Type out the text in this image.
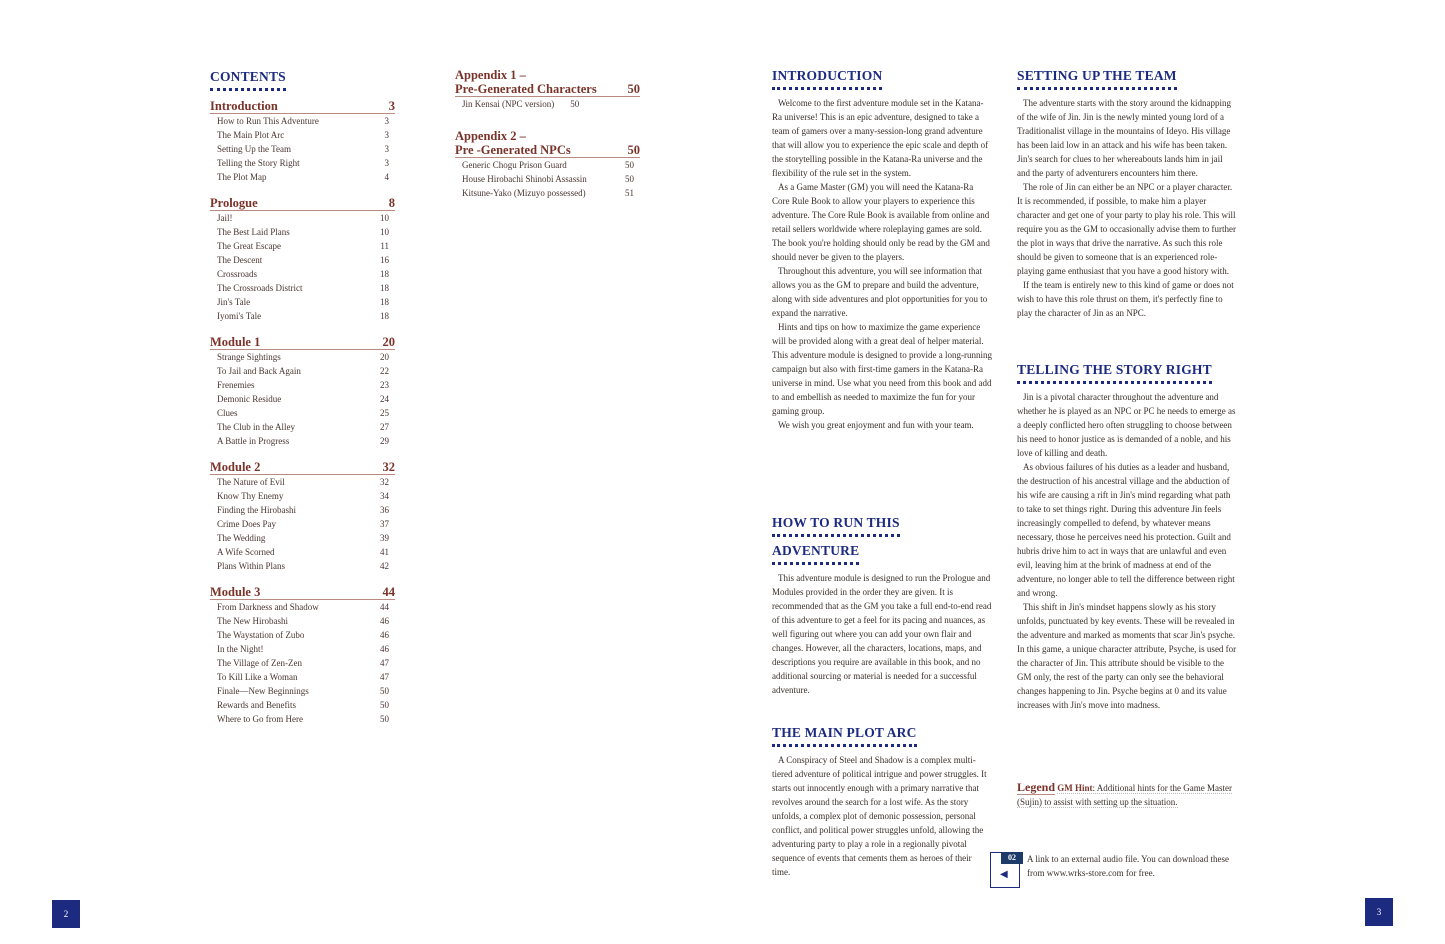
CONTENTS
Introduction	3
How to Run This Adventure	3
The Main Plot Arc	3
Setting Up the Team	3
Telling the Story Right	3
The Plot Map	4
Prologue	8
Jail!	10
The Best Laid Plans	10
The Great Escape	11
The Descent	16
Crossroads	18
The Crossroads District	18
Jin's Tale	18
Iyomi's Tale	18
Module 1	20
Strange Sightings	20
To Jail and Back Again	22
Frenemies	23
Demonic Residue	24
Clues	25
The Club in the Alley	27
A Battle in Progress	29
Module 2	32
The Nature of Evil	32
Know Thy Enemy	34
Finding the Hirobashi	36
Crime Does Pay	37
The Wedding	39
A Wife Scorned	41
Plans Within Plans	42
Module 3	44
From Darkness and Shadow	44
The New Hirobashi	46
The Waystation of Zubo	46
In the Night!	46
The Village of Zen-Zen	47
To Kill Like a Woman	47
Finale—New Beginnings	50
Rewards and Benefits	50
Where to Go from Here	50
Appendix 1 –
Pre-Generated Characters 50
Jin Kensai (NPC version) 50
Appendix 2 –
Pre -Generated NPCs	50
Generic Chogu Prison Guard	50
House Hirobachi Shinobi Assassin	50
Kitsune-Yako (Mizuyo possessed)	51
INTRODUCTION

Welcome to the first adventure module set in the Katana-Ra universe! This is an epic adventure, designed to take a team of gamers over a many-session-long grand adventure that will allow you to experience the epic scale and depth of the storytelling possible in the Katana-Ra universe and the flexibility of the rule set in the system.

As a Game Master (GM) you will need the Katana-Ra Core Rule Book to allow your players to experience this adventure. The Core Rule Book is available from online and retail sellers worldwide where roleplaying games are sold. The book you're holding should only be read by the GM and should never be given to the players.

Throughout this adventure, you will see information that allows you as the GM to prepare and build the adventure, along with side adventures and plot opportunities for you to expand the narrative.

Hints and tips on how to maximize the game experience will be provided along with a great deal of helper material. This adventure module is designed to provide a long-running campaign but also with first-time gamers in the Katana-Ra universe in mind. Use what you need from this book and add to and embellish as needed to maximize the fun for your gaming group.

We wish you great enjoyment and fun with your team.

HOW TO RUN THIS
ADVENTURE

This adventure module is designed to run the Prologue and Modules provided in the order they are given. It is recommended that as the GM you take a full end-to-end read of this adventure to get a feel for its pacing and nuances, as well figuring out where you can add your own flair and changes. However, all the characters, locations, maps, and descriptions you require are available in this book, and no additional sourcing or material is needed for a successful adventure.

THE MAIN PLOT ARC

A Conspiracy of Steel and Shadow is a complex multi-tiered adventure of political intrigue and power struggles. It starts out innocently enough with a primary narrative that revolves around the search for a lost wife. As the story unfolds, a complex plot of demonic possession, personal conflict, and political power struggles unfold, allowing the adventuring party to play a role in a regionally pivotal sequence of events that cements them as heroes of their time.

SETTING UP THE TEAM

The adventure starts with the story around the kidnapping of the wife of Jin. Jin is the newly minted young lord of a Traditionalist village in the mountains of Ideyo. His village has been laid low in an attack and his wife has been taken. Jin's search for clues to her whereabouts lands him in jail and the party of adventurers encounters him there.

The role of Jin can either be an NPC or a player character. It is recommended, if possible, to make him a player character and get one of your party to play his role. This will require you as the GM to occasionally advise them to further the plot in ways that drive the narrative. As such this role should be given to someone that is an experienced role-playing game enthusiast that you have a good history with.

If the team is entirely new to this kind of game or does not wish to have this role thrust on them, it's perfectly fine to play the character of Jin as an NPC.

TELLING THE STORY RIGHT

Jin is a pivotal character throughout the adventure and whether he is played as an NPC or PC he needs to emerge as a deeply conflicted hero often struggling to choose between his need to honor justice as is demanded of a noble, and his love of killing and death.

As obvious failures of his duties as a leader and husband, the destruction of his ancestral village and the abduction of his wife are causing a rift in Jin's mind regarding what path to take to set things right. During this adventure Jin feels increasingly compelled to defend, by whatever means necessary, those he perceives need his protection. Guilt and hubris drive him to act in ways that are unlawful and even evil, leaving him at the brink of madness at end of the adventure, no longer able to tell the difference between right and wrong.

This shift in Jin's mindset happens slowly as his story unfolds, punctuated by key events. These will be revealed in the adventure and marked as moments that scar Jin's psyche. In this game, a unique character attribute, Psyche, is used for the character of Jin. This attribute should be visible to the GM only, the rest of the party can only see the behavioral changes happening to Jin. Psyche begins at 0 and its value increases with Jin's move into madness.

Legend GM Hint: Additional hints for the Game Master (Sujin) to assist with setting up the situation.
02
◀
A link to an external audio file. You can download these from www.wrks-store.com for free.
2	3
